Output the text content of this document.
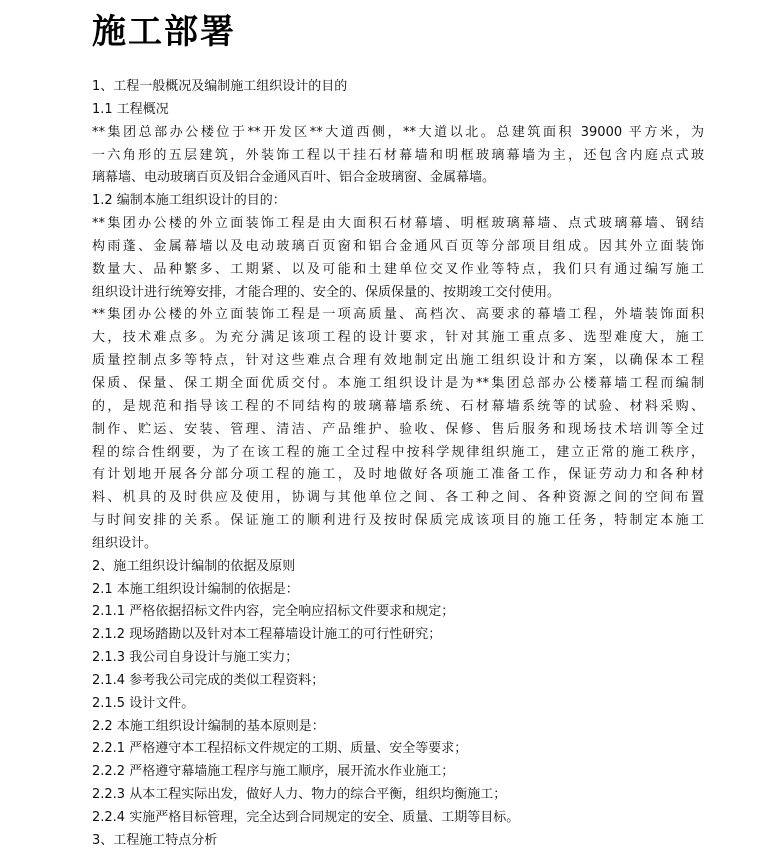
施工部署
1、工程一般概况及编制施工组织设计的目的
1.1 工程概况
**集团总部办公楼位于**开发区**大道西侧，**大道以北。总建筑面积 39000 平方米，为
一六角形的五层建筑，外装饰工程以干挂石材幕墙和明框玻璃幕墙为主，还包含内庭点式玻
璃幕墙、电动玻璃百页及铝合金通风百叶、铝合金玻璃窗、金属幕墙。
1.2 编制本施工组织设计的目的：
**集团办公楼的外立面装饰工程是由大面积石材幕墙、明框玻璃幕墙、点式玻璃幕墙、钢结
构雨蓬、金属幕墙以及电动玻璃百页窗和铝合金通风百页等分部项目组成。因其外立面装饰
数量大、品种繁多、工期紧、以及可能和土建单位交叉作业等特点，我们只有通过编写施工
组织设计进行统筹安排，才能合理的、安全的、保质保量的、按期竣工交付使用。
**集团办公楼的外立面装饰工程是一项高质量、高档次、高要求的幕墙工程，外墙装饰面积
大，技术难点多。为充分满足该项工程的设计要求，针对其施工重点多、选型难度大，施工
质量控制点多等特点，针对这些难点合理有效地制定出施工组织设计和方案，以确保本工程
保质、保量、保工期全面优质交付。本施工组织设计是为**集团总部办公楼幕墙工程而编制
的，是规范和指导该工程的不同结构的玻璃幕墙系统、石材幕墙系统等的试验、材料采购、
制作、贮运、安装、管理、清洁、产品维护、验收、保修、售后服务和现场技术培训等全过
程的综合性纲要，为了在该工程的施工全过程中按科学规律组织施工，建立正常的施工秩序，
有计划地开展各分部分项工程的施工，及时地做好各项施工准备工作，保证劳动力和各种材
料、机具的及时供应及使用，协调与其他单位之间、各工种之间、各种资源之间的空间布置
与时间安排的关系。保证施工的顺利进行及按时保质完成该项目的施工任务，特制定本施工
组织设计。
2、施工组织设计编制的依据及原则
2.1 本施工组织设计编制的依据是：
2.1.1 严格依据招标文件内容，完全响应招标文件要求和规定；
2.1.2 现场踏勘以及针对本工程幕墙设计施工的可行性研究；
2.1.3 我公司自身设计与施工实力；
2.1.4 参考我公司完成的类似工程资料；
2.1.5 设计文件。
2.2 本施工组织设计编制的基本原则是：
2.2.1 严格遵守本工程招标文件规定的工期、质量、安全等要求；
2.2.2 严格遵守幕墙施工程序与施工顺序，展开流水作业施工；
2.2.3 从本工程实际出发，做好人力、物力的综合平衡，组织均衡施工；
2.2.4 实施严格目标管理，完全达到合同规定的安全、质量、工期等目标。
3、工程施工特点分析
